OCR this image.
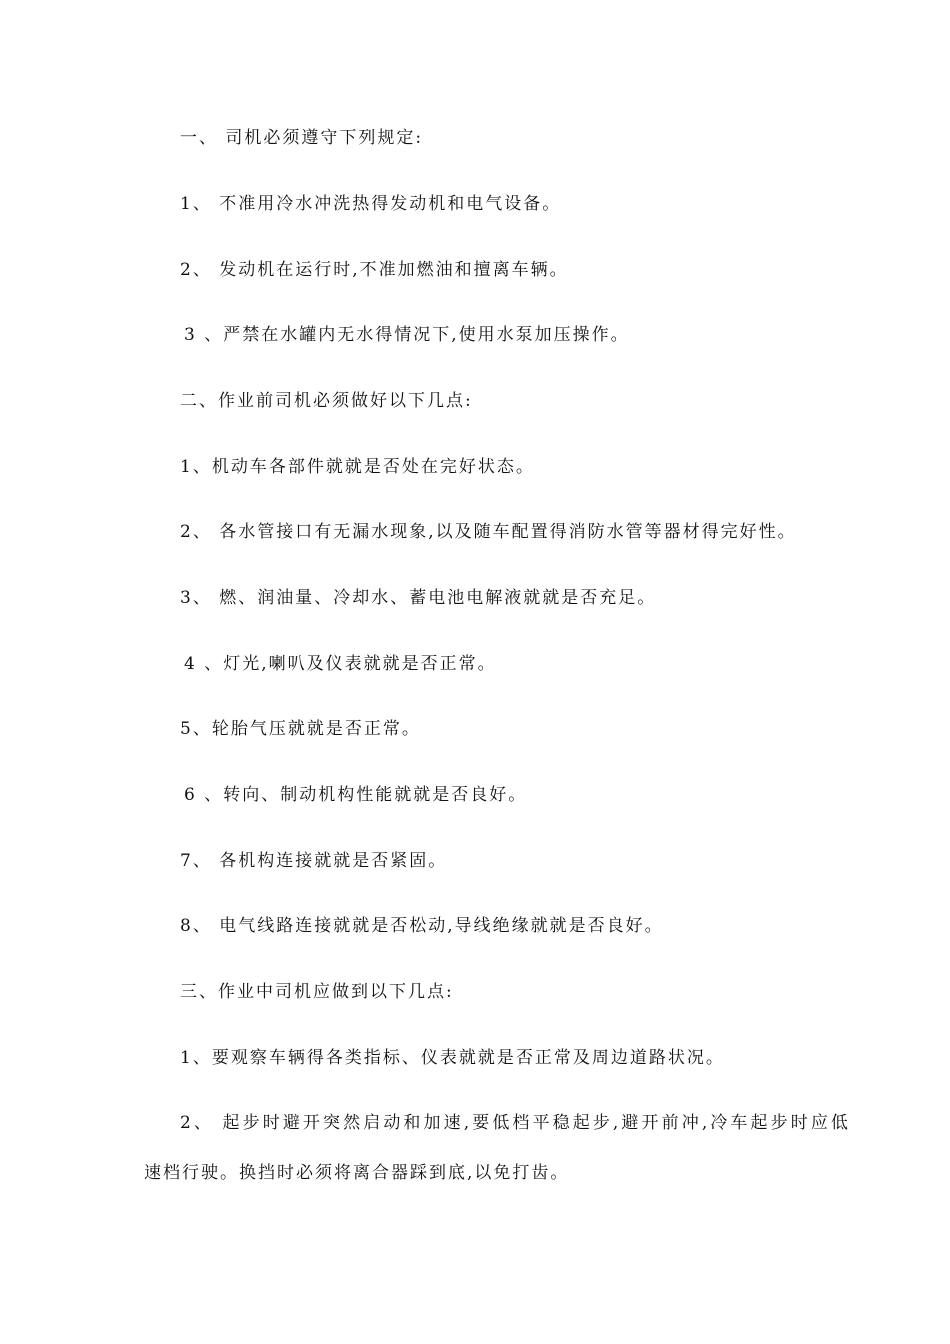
一、 司机必须遵守下列规定:
1、 不准用冷水冲洗热得发动机和电气设备。
2、 发动机在运行时,不准加燃油和擅离车辆。
3 、严禁在水罐内无水得情况下,使用水泵加压操作。
二、作业前司机必须做好以下几点:
1、机动车各部件就就是否处在完好状态。
2、 各水管接口有无漏水现象,以及随车配置得消防水管等器材得完好性。
3、 燃、润油量、冷却水、蓄电池电解液就就是否充足。
4 、灯光,喇叭及仪表就就是否正常。
5、轮胎气压就就是否正常。
6 、转向、制动机构性能就就是否良好。
7、 各机构连接就就是否紧固。
8、 电气线路连接就就是否松动,导线绝缘就就是否良好。
三、作业中司机应做到以下几点:
1、要观察车辆得各类指标、仪表就就是否正常及周边道路状况。
2、 起步时避开突然启动和加速,要低档平稳起步,避开前冲,冷车起步时应低
速档行驶。换挡时必须将离合器踩到底,以免打齿。
